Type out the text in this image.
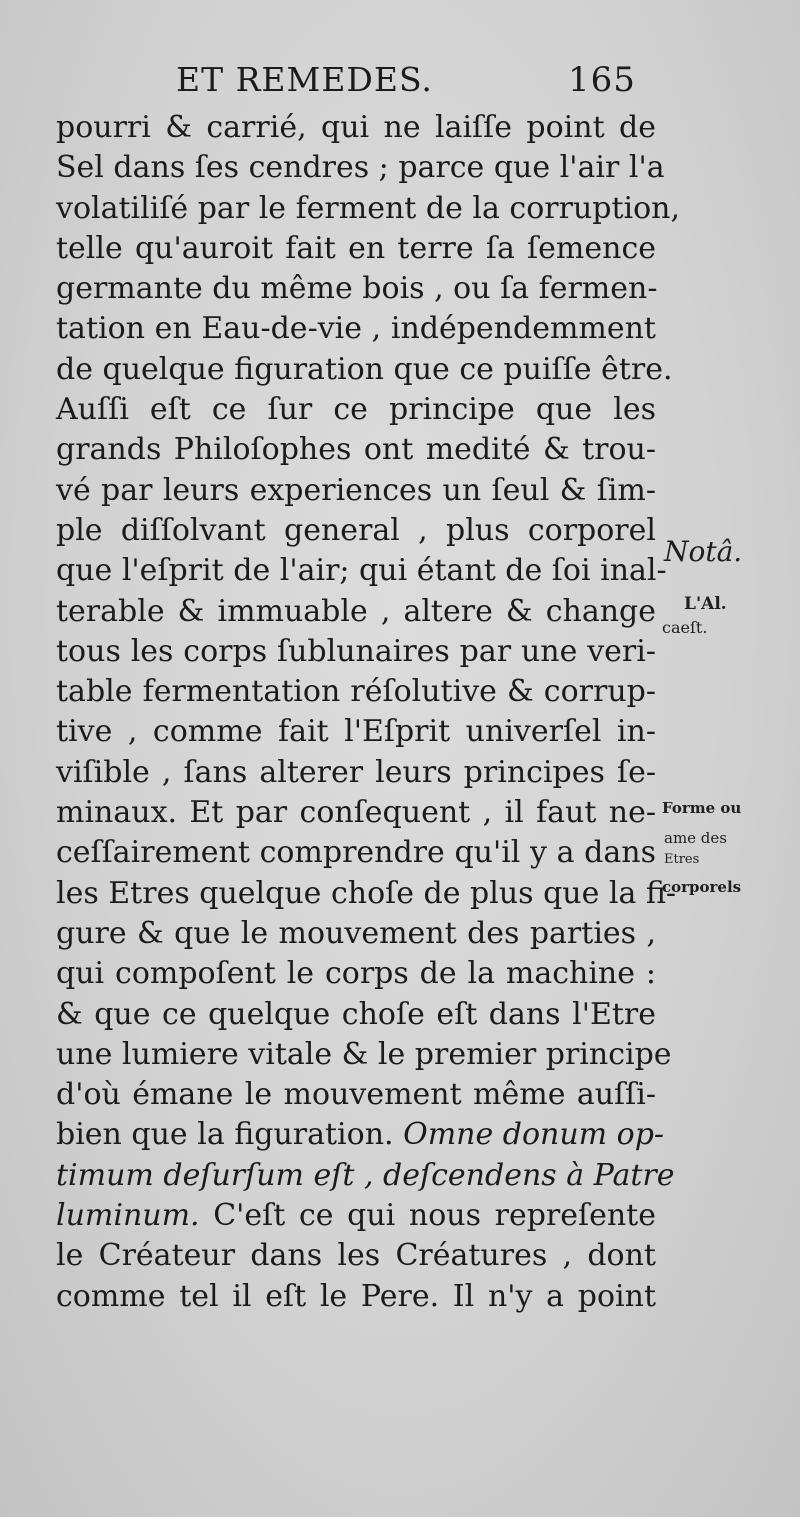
ET REMEDES.	165
pourri & carrié, qui ne laiſſe point de
Sel dans ſes cendres ; parce que l'air l'a
volatiliſé par le ferment de la corruption,
telle qu'auroit fait en terre ſa ſemence
germante du même bois , ou ſa fermen-
tation en Eau-de-vie , indépendemment
de quelque figuration que ce puiſſe être.
Auſſi eſt ce ſur ce principe que les
grands Philoſophes ont medité & trou-
vé par leurs experiences un ſeul & ſim-
ple diſſolvant general , plus corporel
que l'eſprit de l'air; qui étant de ſoi inal-
terable & immuable , altere & change
tous les corps ſublunaires par une veri-
table fermentation réſolutive & corrup-
tive , comme fait l'Eſprit univerſel in-
viſible , ſans alterer leurs principes ſe-
minaux. Et par conſequent , il faut ne-
ceſſairement comprendre qu'il y a dans
les Etres quelque choſe de plus que la fi-
gure & que le mouvement des parties ,
qui compoſent le corps de la machine :
& que ce quelque choſe eſt dans l'Etre
une lumiere vitale & le premier principe
d'où émane le mouvement même auſſi-
bien que la figuration. Omne donum op-
timum deſurſum eſt , deſcendens à Patre
luminum. C'eſt ce qui nous repreſente
le Créateur dans les Créatures , dont
comme tel il eſt le Pere. Il n'y a point
Notâ.
L'Al.
caeſt.
Forme ou
ame des
Etres
corporels
